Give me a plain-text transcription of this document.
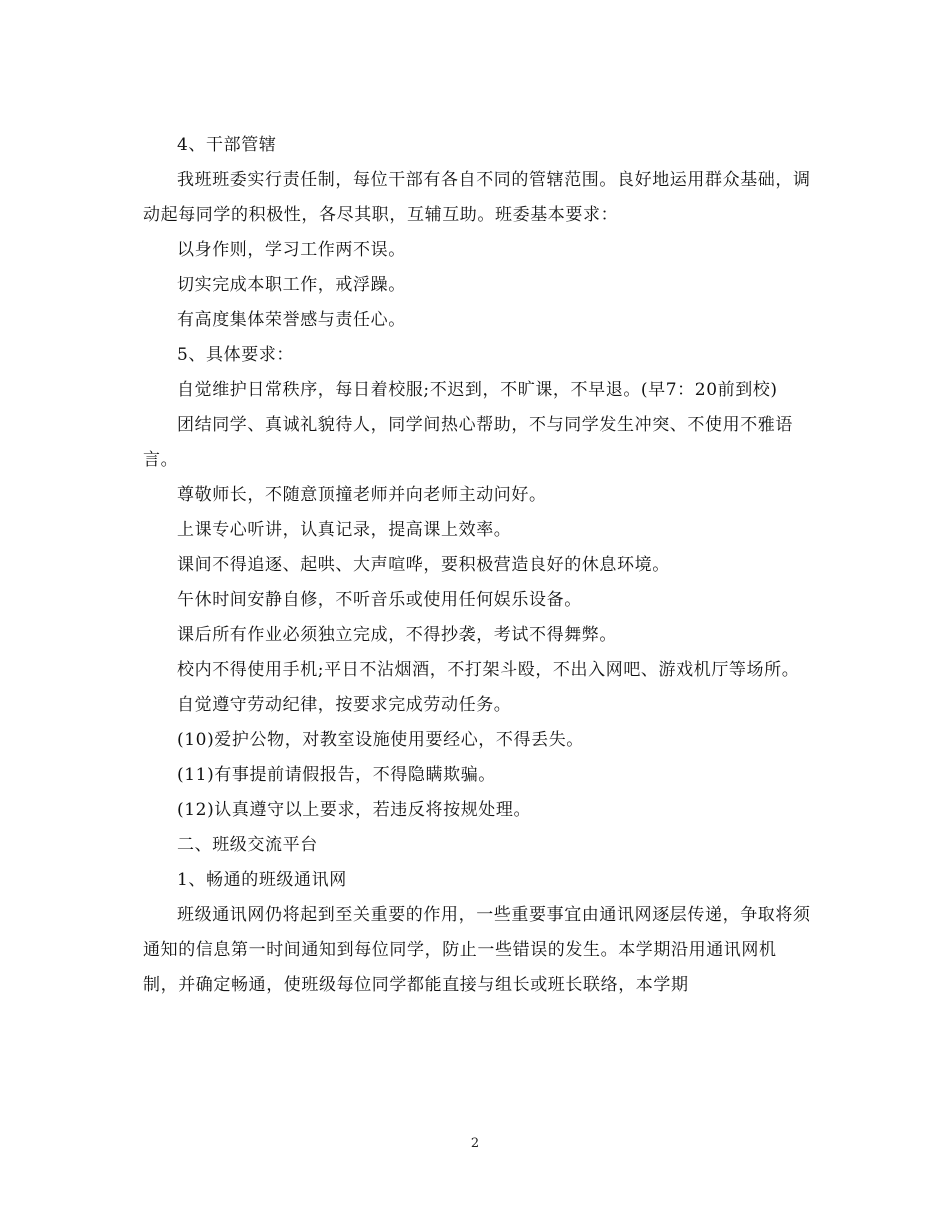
4、干部管辖

我班班委实行责任制，每位干部有各自不同的管辖范围。良好地运用群众基础，调动起每同学的积极性，各尽其职，互辅互助。班委基本要求：

以身作则，学习工作两不误。

切实完成本职工作，戒浮躁。

有高度集体荣誉感与责任心。

5、具体要求：

自觉维护日常秩序，每日着校服;不迟到，不旷课，不早退。(早7：20前到校)

团结同学、真诚礼貌待人，同学间热心帮助，不与同学发生冲突、不使用不雅语言。

尊敬师长，不随意顶撞老师并向老师主动问好。

上课专心听讲，认真记录，提高课上效率。

课间不得追逐、起哄、大声喧哗，要积极营造良好的休息环境。

午休时间安静自修，不听音乐或使用任何娱乐设备。

课后所有作业必须独立完成，不得抄袭，考试不得舞弊。

校内不得使用手机;平日不沾烟酒，不打架斗殴，不出入网吧、游戏机厅等场所。

自觉遵守劳动纪律，按要求完成劳动任务。

(10)爱护公物，对教室设施使用要经心，不得丢失。

(11)有事提前请假报告，不得隐瞒欺骗。

(12)认真遵守以上要求，若违反将按规处理。

二、班级交流平台

1、畅通的班级通讯网

班级通讯网仍将起到至关重要的作用，一些重要事宜由通讯网逐层传递，争取将须通知的信息第一时间通知到每位同学，防止一些错误的发生。本学期沿用通讯网机制，并确定畅通，使班级每位同学都能直接与组长或班长联络，本学期

2
